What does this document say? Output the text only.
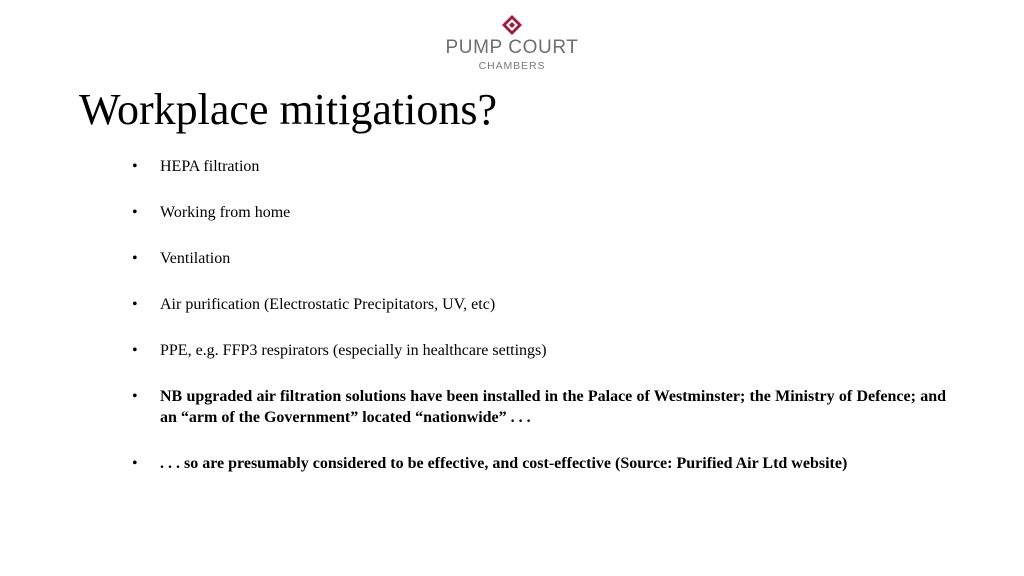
PUMP COURT
CHAMBERS
Workplace mitigations?
• HEPA filtration
• Working from home
• Ventilation
• Air purification (Electrostatic Precipitators, UV, etc)
• PPE, e.g. FFP3 respirators (especially in healthcare settings)
• NB upgraded air filtration solutions have been installed in the Palace of Westminster; the Ministry of Defence; and an “arm of the Government” located “nationwide” . . .
• . . . so are presumably considered to be effective, and cost-effective (Source: Purified Air Ltd website)
